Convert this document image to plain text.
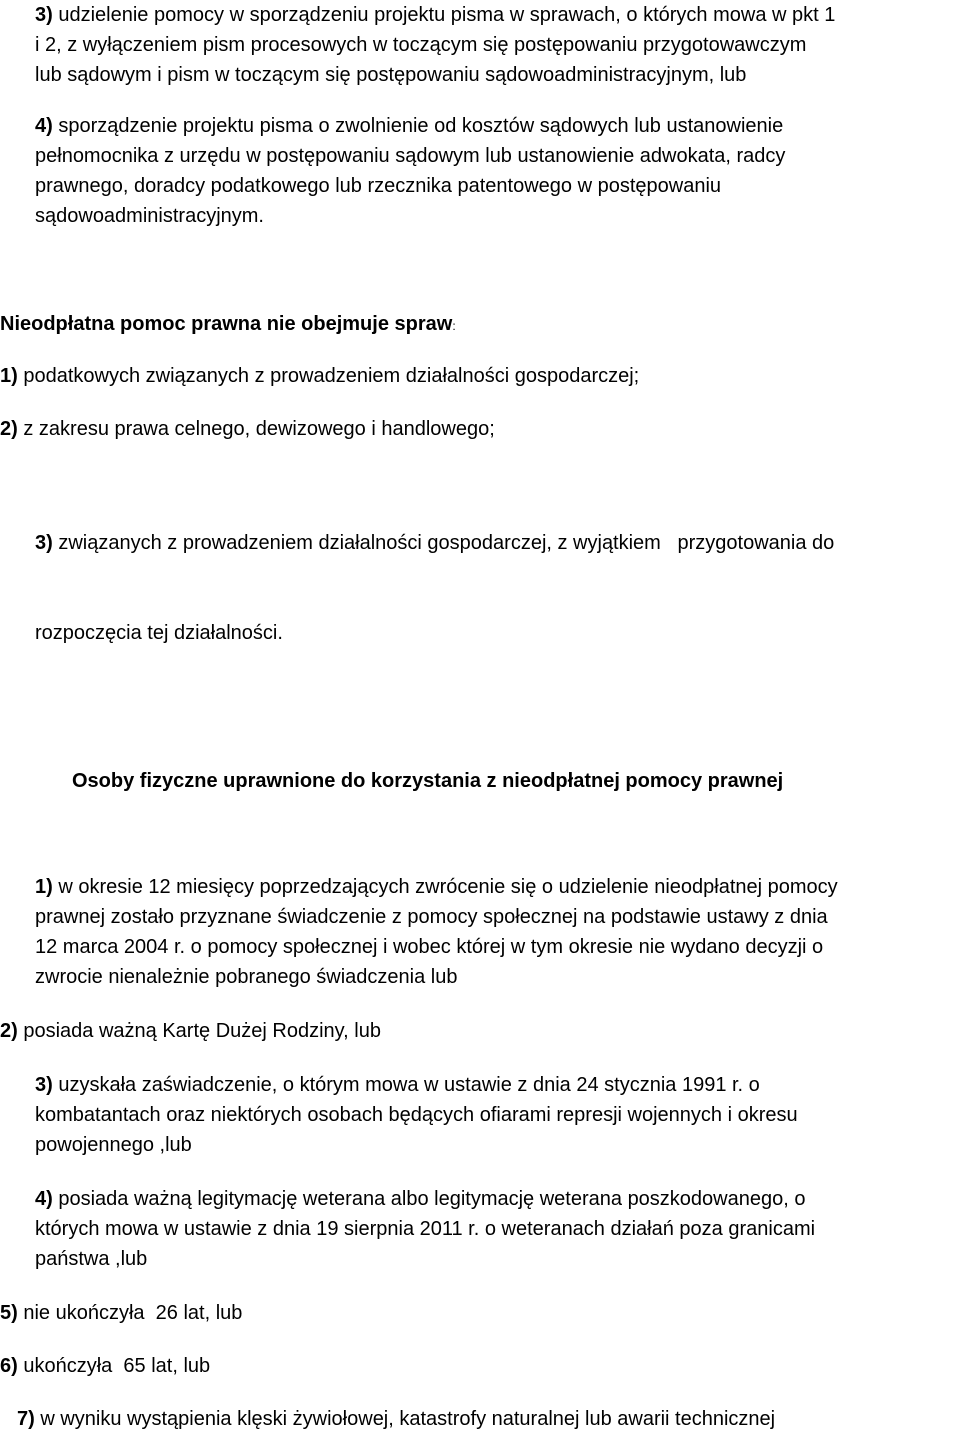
3) udzielenie pomocy w sporządzeniu projektu pisma w sprawach, o których mowa w pkt 1
i 2, z wyłączeniem pism procesowych w toczącym się postępowaniu przygotowawczym
lub sądowym i pism w toczącym się postępowaniu sądowoadministracyjnym, lub
4) sporządzenie projektu pisma o zwolnienie od kosztów sądowych lub ustanowienie
pełnomocnika z urzędu w postępowaniu sądowym lub ustanowienie adwokata, radcy
prawnego, doradcy podatkowego lub rzecznika patentowego w postępowaniu
sądowoadministracyjnym.
Nieodpłatna pomoc prawna nie obejmuje spraw:
1) podatkowych związanych z prowadzeniem działalności gospodarczej;
2) z zakresu prawa celnego, dewizowego i handlowego;

3) związanych z prowadzeniem działalności gospodarczej, z wyjątkiem   przygotowania do

rozpoczęcia tej działalności.

Osoby fizyczne uprawnione do korzystania z nieodpłatnej pomocy prawnej
1) w okresie 12 miesięcy poprzedzających zwrócenie się o udzielenie nieodpłatnej pomocy
prawnej zostało przyznane świadczenie z pomocy społecznej na podstawie ustawy z dnia
12 marca 2004 r. o pomocy społecznej i wobec której w tym okresie nie wydano decyzji o
zwrocie nienależnie pobranego świadczenia lub
2) posiada ważną Kartę Dużej Rodziny, lub
3) uzyskała zaświadczenie, o którym mowa w ustawie z dnia 24 stycznia 1991 r. o
kombatantach oraz niektórych osobach będących ofiarami represji wojennych i okresu
powojennego ,lub
4) posiada ważną legitymację weterana albo legitymację weterana poszkodowanego, o
których mowa w ustawie z dnia 19 sierpnia 2011 r. o weteranach działań poza granicami
państwa ,lub
5) nie ukończyła  26 lat, lub
6) ukończyła  65 lat, lub
7) w wyniku wystąpienia klęski żywiołowej, katastrofy naturalnej lub awarii technicznej
